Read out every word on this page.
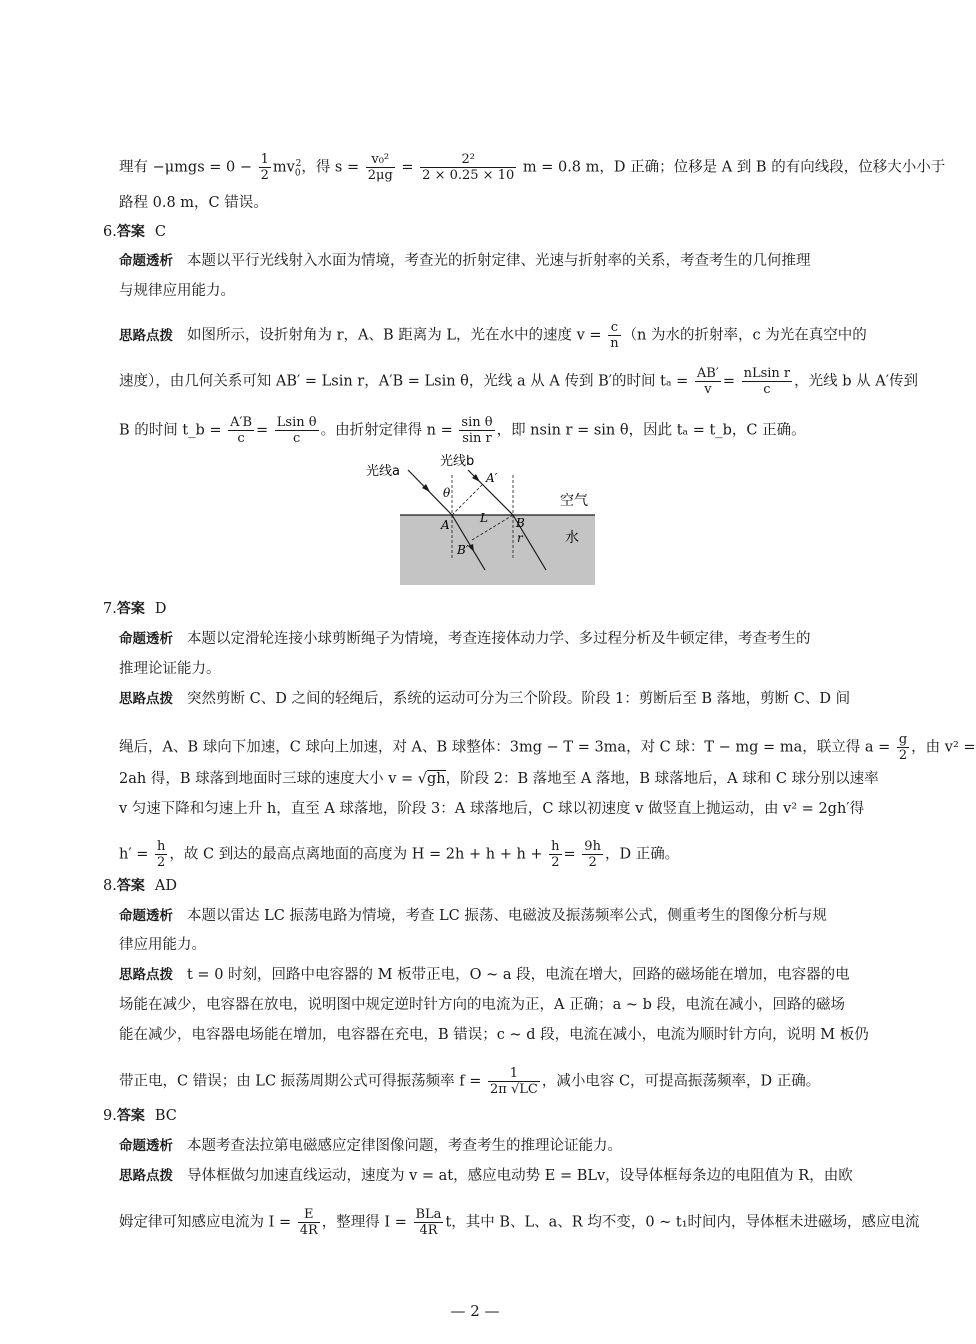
理有 $-\mu mgs = 0 - \frac{1}{2} mv_0^2$，得 $s = \frac{\text{v₀²}}{2\mu g} = \frac{\text{2²}}{2 \times 0.25 \times 10}$ m = 0.8 m，D 正确；位移是 A 到 B 的有向线段，位移大小小于
路程 0.8 m，C 错误。
6.答案 C
命题透析 本题以平行光线射入水面为情境，考查光的折射定律、光速与折射率的关系，考查考生的几何推理
与规律应用能力。
思路点拨 如图所示，设折射角为 r，A、B 距离为 L，光在水中的速度 $v = \frac{c}{n} (n$ 为水的折射率，c 为光在真空中的
速度），由几何关系可知 AB′ = Lsin r，A′B = Lsin θ，光线 a 从 A 传到 B′的时间 $t_a = \frac{AB'}{v} = \frac{\text{nLsin r}}{c}$ ，光线 b 从 A′传到
B 的时间 t_b = $\frac{A'B}{c} = \frac{\text{Lsin θ}}{c}$ 。由折射定律得 $n = \frac{\text{sin θ}}{\text{sin r}}$ ，即 nsin r = sin θ，因此 tₐ = t_b，C 正确。
光线a
光线b
空气
水
A	B
A′
B′
θ
r
L
7.答案 D
命题透析 本题以定滑轮连接小球剪断绳子为情境，考查连接体动力学、多过程分析及牛顿定律，考查考生的
推理论证能力。
思路点拨 突然剪断 C、D 之间的轻绳后，系统的运动可分为三个阶段。阶段 1：剪断后至 B 落地，剪断 C、D 间
绳后，A、B 球向下加速，C 球向上加速，对 A、B 球整体：3mg − T = 3ma，对 C 球：T − mg = ma，联立得 $a = \frac{g}{2}$ ，由 v² =
2ah 得，B 球落到地面时三球的速度大小 v = √gh，阶段 2：B 落地至 A 落地，B 球落地后，A 球和 C 球分别以速率
v 匀速下降和匀速上升 h，直至 A 球落地，阶段 3：A 球落地后，C 球以初速度 v 做竖直上抛运动，由 v² = 2gh′得
$h' = \frac{h}{2}$ ，故 C 到达的最高点离地面的高度为 $H = 2h + h + h + \frac{h}{2} = \frac{9h}{2}$ ，D 正确。
8.答案 AD
命题透析 本题以雷达 LC 振荡电路为情境，考查 LC 振荡、电磁波及振荡频率公式，侧重考生的图像分析与规
律应用能力。
思路点拨 t = 0 时刻，回路中电容器的 M 板带正电，O ~ a 段，电流在增大，回路的磁场能在增加，电容器的电
场能在减少，电容器在放电，说明图中规定逆时针方向的电流为正，A 正确；a ~ b 段，电流在减小，回路的磁场
能在减少，电容器电场能在增加，电容器在充电，B 错误；c ~ d 段，电流在减小，电流为顺时针方向，说明 M 板仍
带正电，C 错误；由 LC 振荡周期公式可得振荡频率 $f = \frac{1}{2\pi √LC}$ ，减小电容 C，可提高振荡频率，D 正确。
9.答案 BC
命题透析 本题考查法拉第电磁感应定律图像问题，考查考生的推理论证能力。
思路点拨 导体框做匀加速直线运动，速度为 v = at，感应电动势 E = BLv，设导体框每条边的电阻值为 R，由欧
姆定律可知感应电流为 $I = \frac{E}{4R}$ ，整理得 $I = \frac{\text{BLa}}{4R}$ t，其中 B、L、a、R 均不变，0 ~ t₁时间内，导体框未进磁场，感应电流
— 2 —
